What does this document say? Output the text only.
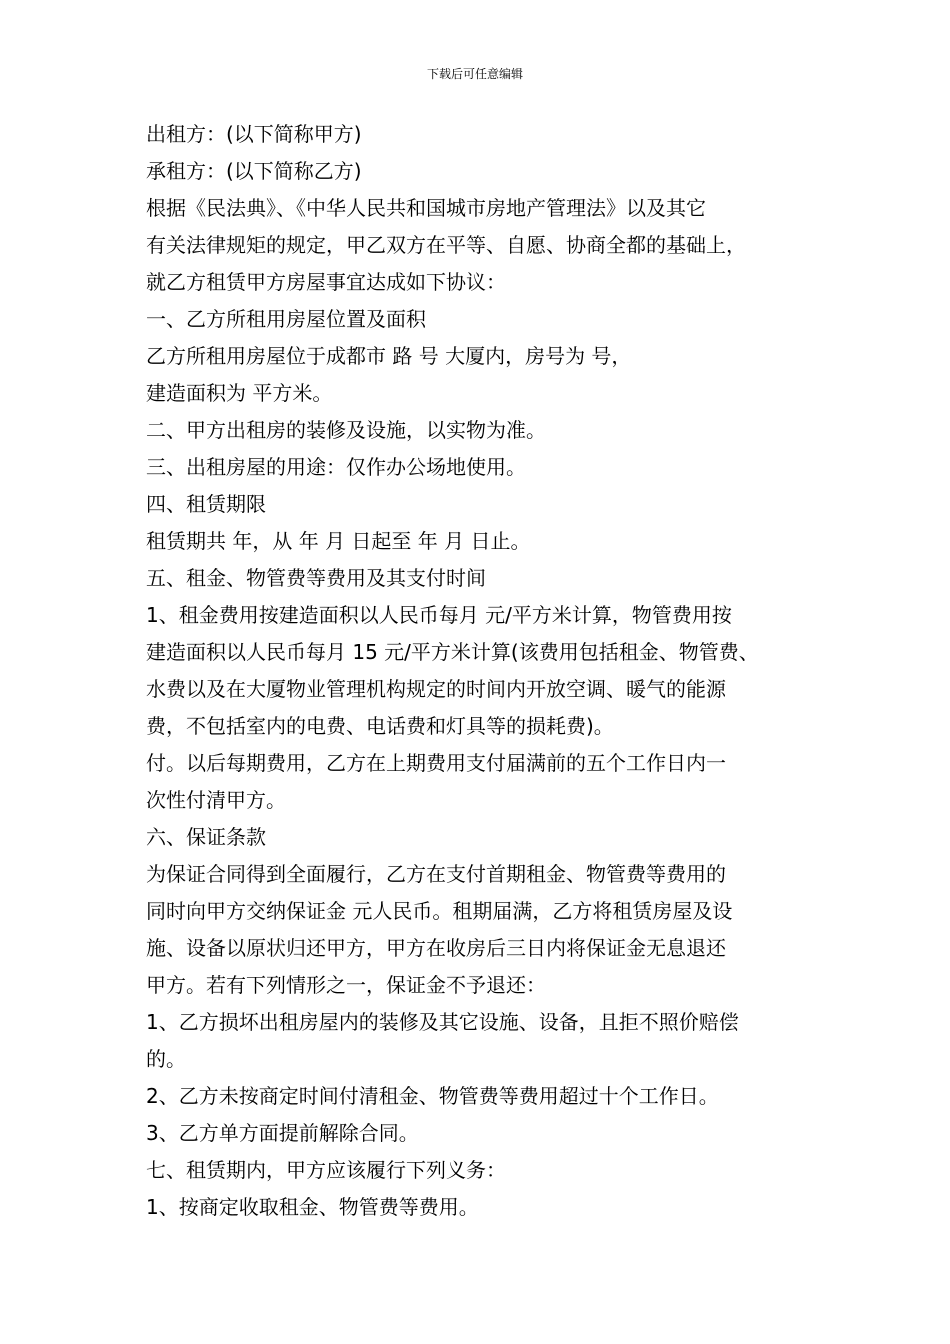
下载后可任意编辑
出租方：(以下简称甲方)
承租方：(以下简称乙方)
根据《民法典》、《中华人民共和国城市房地产管理法》以及其它
有关法律规矩的规定，甲乙双方在平等、自愿、协商全都的基础上，
就乙方租赁甲方房屋事宜达成如下协议：
一、乙方所租用房屋位置及面积
乙方所租用房屋位于成都市 路 号 大厦内，房号为 号，
建造面积为 平方米。
二、甲方出租房的装修及设施，以实物为准。
三、出租房屋的用途：仅作办公场地使用。
四、租赁期限
租赁期共 年，从 年 月 日起至 年 月 日止。
五、租金、物管费等费用及其支付时间
1、租金费用按建造面积以人民币每月 元/平方米计算，物管费用按
建造面积以人民币每月 15 元/平方米计算(该费用包括租金、物管费、
水费以及在大厦物业管理机构规定的时间内开放空调、暖气的能源
费，不包括室内的电费、电话费和灯具等的损耗费)。
付。以后每期费用，乙方在上期费用支付届满前的五个工作日内一
次性付清甲方。
六、保证条款
为保证合同得到全面履行，乙方在支付首期租金、物管费等费用的
同时向甲方交纳保证金 元人民币。租期届满，乙方将租赁房屋及设
施、设备以原状归还甲方，甲方在收房后三日内将保证金无息退还
甲方。若有下列情形之一，保证金不予退还：
1、乙方损坏出租房屋内的装修及其它设施、设备，且拒不照价赔偿
的。
2、乙方未按商定时间付清租金、物管费等费用超过十个工作日。
3、乙方单方面提前解除合同。
七、租赁期内，甲方应该履行下列义务：
1、按商定收取租金、物管费等费用。
